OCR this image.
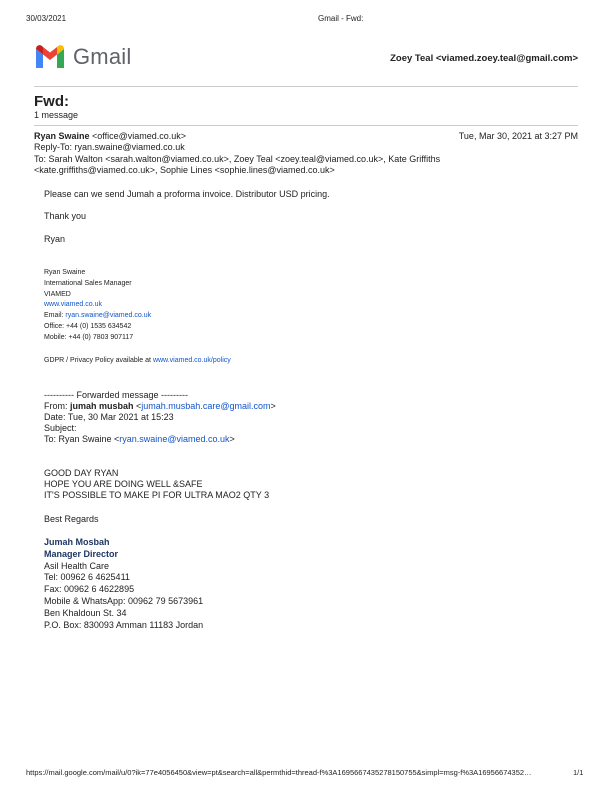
30/03/2021	Gmail - Fwd:
Gmail	Zoey Teal <viamed.zoey.teal@gmail.com>
Fwd:
1 message
Ryan Swaine <office@viamed.co.uk>	Tue, Mar 30, 2021 at 3:27 PM
Reply-To: ryan.swaine@viamed.co.uk
To: Sarah Walton <sarah.walton@viamed.co.uk>, Zoey Teal <zoey.teal@viamed.co.uk>, Kate Griffiths
<kate.griffiths@viamed.co.uk>, Sophie Lines <sophie.lines@viamed.co.uk>
Please can we send Jumah a proforma invoice. Distributor USD pricing.
Thank you
Ryan
Ryan Swaine
International Sales Manager
VIAMED
www.viamed.co.uk
Email: ryan.swaine@viamed.co.uk
Office: +44 (0) 1535 634542
Mobile: +44 (0) 7803 907117
GDPR / Privacy Policy available at www.viamed.co.uk/policy
---------- Forwarded message ---------
From: jumah musbah <jumah.musbah.care@gmail.com>
Date: Tue, 30 Mar 2021 at 15:23
Subject:
To: Ryan Swaine <ryan.swaine@viamed.co.uk>
GOOD DAY RYAN
HOPE YOU ARE DOING WELL &SAFE
IT'S POSSIBLE TO MAKE PI FOR ULTRA MAO2 QTY 3
Best Regards
Jumah Mosbah
Manager Director
Asil Health Care
Tel: 00962 6 4625411
Fax: 00962 6 4622895
Mobile & WhatsApp: 00962 79 5673961
Ben Khaldoun St. 34
P.O. Box: 830093 Amman 11183 Jordan
https://mail.google.com/mail/u/0?ik=77e4056450&view=pt&search=all&permthid=thread-f%3A1695667435278150755&simpl=msg-f%3A16956674352…	1/1
